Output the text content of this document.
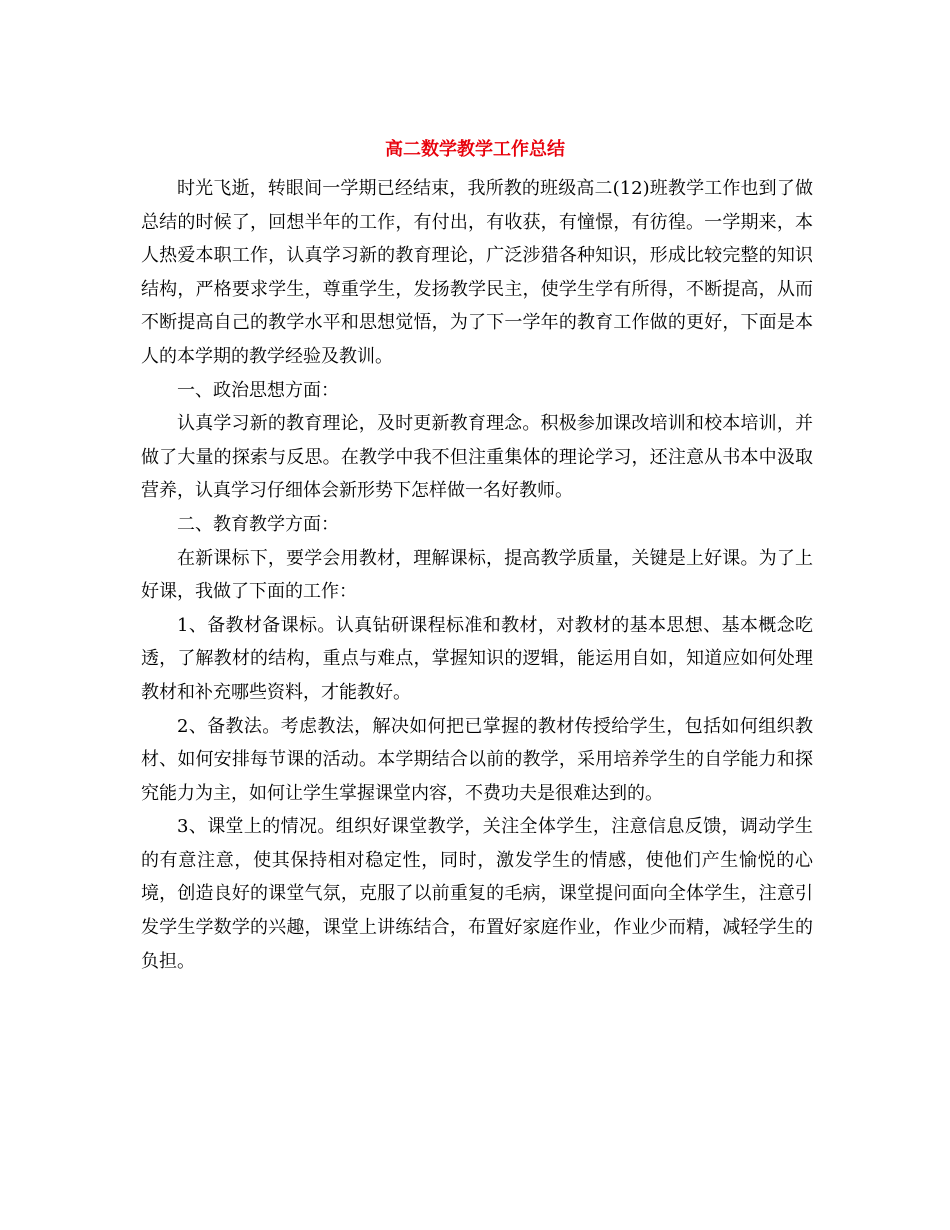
高二数学教学工作总结

时光飞逝，转眼间一学期已经结束，我所教的班级高二(12)班教学工作也到了做总结的时候了，回想半年的工作，有付出，有收获，有憧憬，有彷徨。一学期来，本人热爱本职工作，认真学习新的教育理论，广泛涉猎各种知识，形成比较完整的知识结构，严格要求学生，尊重学生，发扬教学民主，使学生学有所得，不断提高，从而不断提高自己的教学水平和思想觉悟，为了下一学年的教育工作做的更好，下面是本人的本学期的教学经验及教训。

一、政治思想方面：

认真学习新的教育理论，及时更新教育理念。积极参加课改培训和校本培训，并做了大量的探索与反思。在教学中我不但注重集体的理论学习，还注意从书本中汲取营养，认真学习仔细体会新形势下怎样做一名好教师。

二、教育教学方面：

在新课标下，要学会用教材，理解课标，提高教学质量，关键是上好课。为了上好课，我做了下面的工作：

1、备教材备课标。认真钻研课程标准和教材，对教材的基本思想、基本概念吃透，了解教材的结构，重点与难点，掌握知识的逻辑，能运用自如，知道应如何处理教材和补充哪些资料，才能教好。

2、备教法。考虑教法，解决如何把已掌握的教材传授给学生，包括如何组织教材、如何安排每节课的活动。本学期结合以前的教学，采用培养学生的自学能力和探究能力为主，如何让学生掌握课堂内容，不费功夫是很难达到的。

3、课堂上的情况。组织好课堂教学，关注全体学生，注意信息反馈，调动学生的有意注意，使其保持相对稳定性，同时，激发学生的情感，使他们产生愉悦的心境，创造良好的课堂气氛，克服了以前重复的毛病，课堂提问面向全体学生，注意引发学生学数学的兴趣，课堂上讲练结合，布置好家庭作业，作业少而精，减轻学生的负担。
